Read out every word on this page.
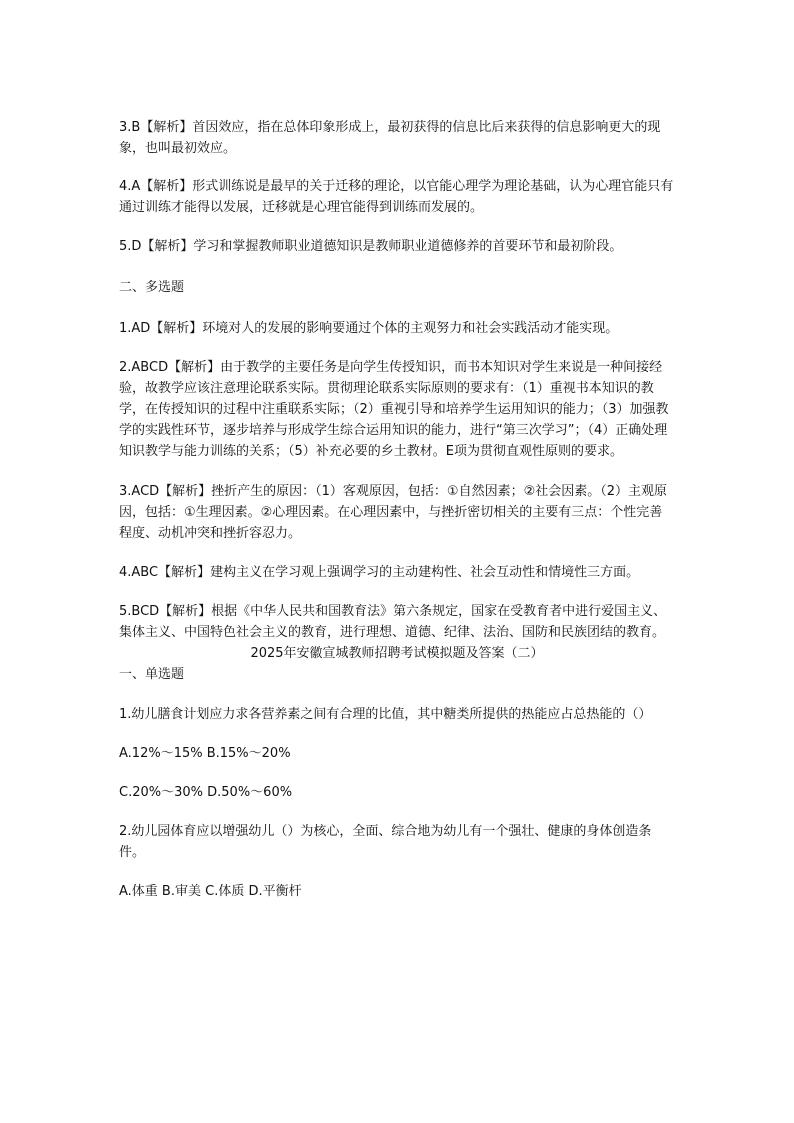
3.B【解析】首因效应，指在总体印象形成上，最初获得的信息比后来获得的信息影响更大的现象，也叫最初效应。

4.A【解析】形式训练说是最早的关于迁移的理论，以官能心理学为理论基础，认为心理官能只有通过训练才能得以发展，迁移就是心理官能得到训练而发展的。

5.D【解析】学习和掌握教师职业道德知识是教师职业道德修养的首要环节和最初阶段。

二、多选题

1.AD【解析】环境对人的发展的影响要通过个体的主观努力和社会实践活动才能实现。

2.ABCD【解析】由于教学的主要任务是向学生传授知识，而书本知识对学生来说是一种间接经验，故教学应该注意理论联系实际。贯彻理论联系实际原则的要求有：（1）重视书本知识的教学，在传授知识的过程中注重联系实际；（2）重视引导和培养学生运用知识的能力；（3）加强教学的实践性环节，逐步培养与形成学生综合运用知识的能力，进行“第三次学习”；（4）正确处理知识教学与能力训练的关系；（5）补充必要的乡土教材。E项为贯彻直观性原则的要求。

3.ACD【解析】挫折产生的原因：（1）客观原因，包括：①自然因素；②社会因素。（2）主观原因，包括：①生理因素。②心理因素。在心理因素中，与挫折密切相关的主要有三点：个性完善程度、动机冲突和挫折容忍力。

4.ABC【解析】建构主义在学习观上强调学习的主动建构性、社会互动性和情境性三方面。

5.BCD【解析】根据《中华人民共和国教育法》第六条规定，国家在受教育者中进行爱国主义、集体主义、中国特色社会主义的教育，进行理想、道德、纪律、法治、国防和民族团结的教育。

2025年安徽宣城教师招聘考试模拟题及答案（二）

一、单选题

1.幼儿膳食计划应力求各营养素之间有合理的比值，其中糖类所提供的热能应占总热能的（）

A.12%～15% B.15%～20%

C.20%～30% D.50%～60%

2.幼儿园体育应以增强幼儿（）为核心，全面、综合地为幼儿有一个强壮、健康的身体创造条件。

A.体重 B.审美 C.体质 D.平衡杆
